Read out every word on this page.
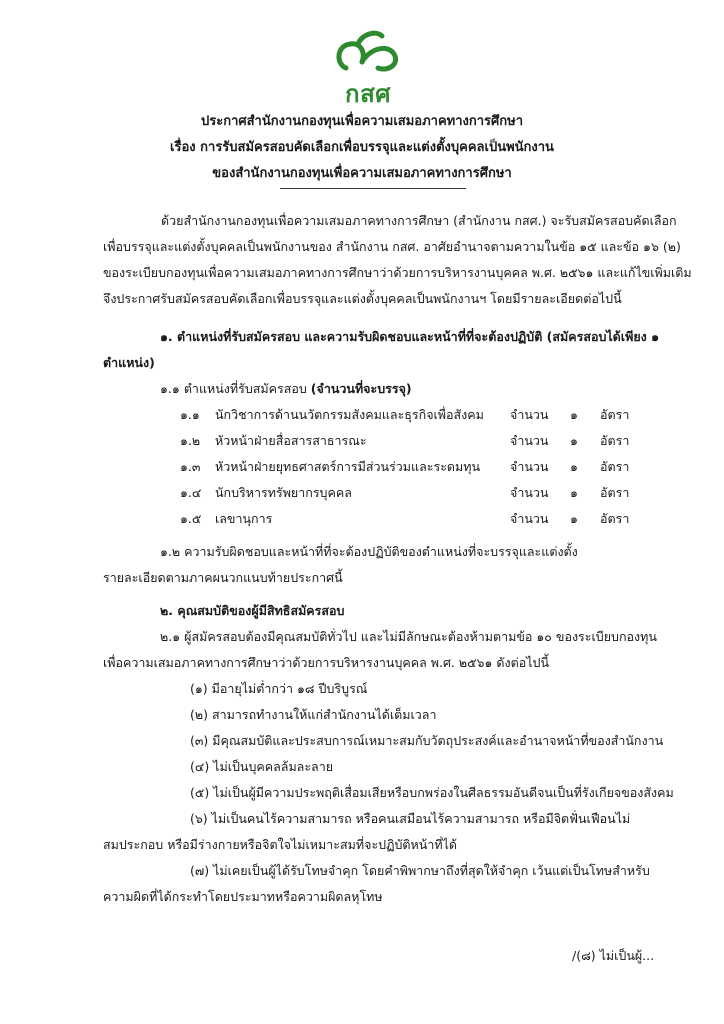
กสศ
ประกาศสำนักงานกองทุนเพื่อความเสมอภาคทางการศึกษา
เรื่อง การรับสมัครสอบคัดเลือกเพื่อบรรจุและแต่งตั้งบุคคลเป็นพนักงาน
ของสำนักงานกองทุนเพื่อความเสมอภาคทางการศึกษา
ด้วยสำนักงานกองทุนเพื่อความเสมอภาคทางการศึกษา (สำนักงาน กสศ.) จะรับสมัครสอบคัดเลือก
เพื่อบรรจุและแต่งตั้งบุคคลเป็นพนักงานของ สำนักงาน กสศ. อาศัยอำนาจตามความในข้อ ๑๕ และข้อ ๑๖ (๒)
ของระเบียบกองทุนเพื่อความเสมอภาคทางการศึกษาว่าด้วยการบริหารงานบุคคล พ.ศ. ๒๕๖๑ และแก้ไขเพิ่มเติม
จึงประกาศรับสมัครสอบคัดเลือกเพื่อบรรจุและแต่งตั้งบุคคลเป็นพนักงานฯ โดยมีรายละเอียดต่อไปนี้
๑. ตำแหน่งที่รับสมัครสอบ และความรับผิดชอบและหน้าที่ที่จะต้องปฏิบัติ (สมัครสอบได้เพียง ๑
ตำแหน่ง)
๑.๑ ตำแหน่งที่รับสมัครสอบ (จำนวนที่จะบรรจุ)
๑.๑ นักวิชาการด้านนวัตกรรมสังคมและธุรกิจเพื่อสังคม จำนวน ๑ อัตรา
๑.๒ หัวหน้าฝ่ายสื่อสารสาธารณะ	จำนวน ๑ อัตรา
๑.๓ หัวหน้าฝ่ายยุทธศาสตร์การมีส่วนร่วมและระดมทุน จำนวน ๑ อัตรา
๑.๔ นักบริหารทรัพยากรบุคคล	จำนวน ๑ อัตรา
๑.๕ เลขานุการ	จำนวน ๑ อัตรา
๑.๒ ความรับผิดชอบและหน้าที่ที่จะต้องปฏิบัติของตำแหน่งที่จะบรรจุและแต่งตั้ง
รายละเอียดตามภาคผนวกแนบท้ายประกาศนี้
๒. คุณสมบัติของผู้มีสิทธิสมัครสอบ
๒.๑ ผู้สมัครสอบต้องมีคุณสมบัติทั่วไป และไม่มีลักษณะต้องห้ามตามข้อ ๑๐ ของระเบียบกองทุน
เพื่อความเสมอภาคทางการศึกษาว่าด้วยการบริหารงานบุคคล พ.ศ. ๒๕๖๑ ดังต่อไปนี้
(๑) มีอายุไม่ต่ำกว่า ๑๘ ปีบริบูรณ์
(๒) สามารถทำงานให้แก่สำนักงานได้เต็มเวลา
(๓) มีคุณสมบัติและประสบการณ์เหมาะสมกับวัตถุประสงค์และอำนาจหน้าที่ของสำนักงาน
(๔) ไม่เป็นบุคคลล้มละลาย
(๕) ไม่เป็นผู้มีความประพฤติเสื่อมเสียหรือบกพร่องในศีลธรรมอันดีจนเป็นที่รังเกียจของสังคม
(๖) ไม่เป็นคนไร้ความสามารถ หรือคนเสมือนไร้ความสามารถ หรือมีจิตฟั่นเฟือนไม่
สมประกอบ หรือมีร่างกายหรือจิตใจไม่เหมาะสมที่จะปฏิบัติหน้าที่ได้
(๗) ไม่เคยเป็นผู้ได้รับโทษจำคุก โดยคำพิพากษาถึงที่สุดให้จำคุก เว้นแต่เป็นโทษสำหรับ
ความผิดที่ได้กระทำโดยประมาทหรือความผิดลหุโทษ
/(๘) ไม่เป็นผู้...
